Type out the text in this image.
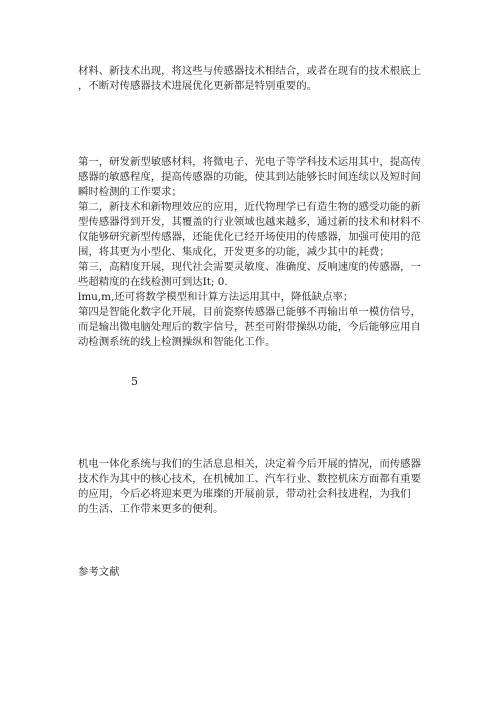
材料、新技术出现，将这些与传感器技术相结合，或者在现有的技术根底上

，不断对传感器技术进展优化更新都是特别重要的。

第一，研发新型敏感材料，将微电子、光电子等学科技术运用其中，提高传

感器的敏感程度，提高传感器的功能，使其到达能够长时间连续以及短时间

瞬时检测的工作要求；

第二，新技术和新物理效应的应用，近代物理学已有造生物的感受功能的新

型传感器得到开发，其覆盖的行业领域也越来越多，通过新的技术和材料不

仅能够研究新型传感器，还能优化已经开场使用的传感器，加强可使用的范

围，将其更为小型化、集成化，开发更多的功能，减少其中的耗费；

第三，高精度开展，现代社会需要灵敏度、准确度、反响速度的传感器，一

些超精度的在线检测可到达It; 0.

lmu,m,还可将数学模型和计算方法运用其中，降低缺点率；

第四是智能化数字化开展，目前瓷察传感器已能够不再输出单一模仿信号，

而是输出微电脑处理后的数字信号，甚至可附带操纵功能，今后能够应用自

动检测系统的线上检测操纵和智能化工作。

5

机电一体化系统与我们的生活息息相关，决定着今后开展的情况，而传感器

技术作为其中的核心技术，在机械加工、汽车行业、数控机床方面都有重要

的应用，今后必将迎来更为璀璨的开展前景，带动社会科技进程，为我们

的生活、工作带来更多的便利。

参考文献
